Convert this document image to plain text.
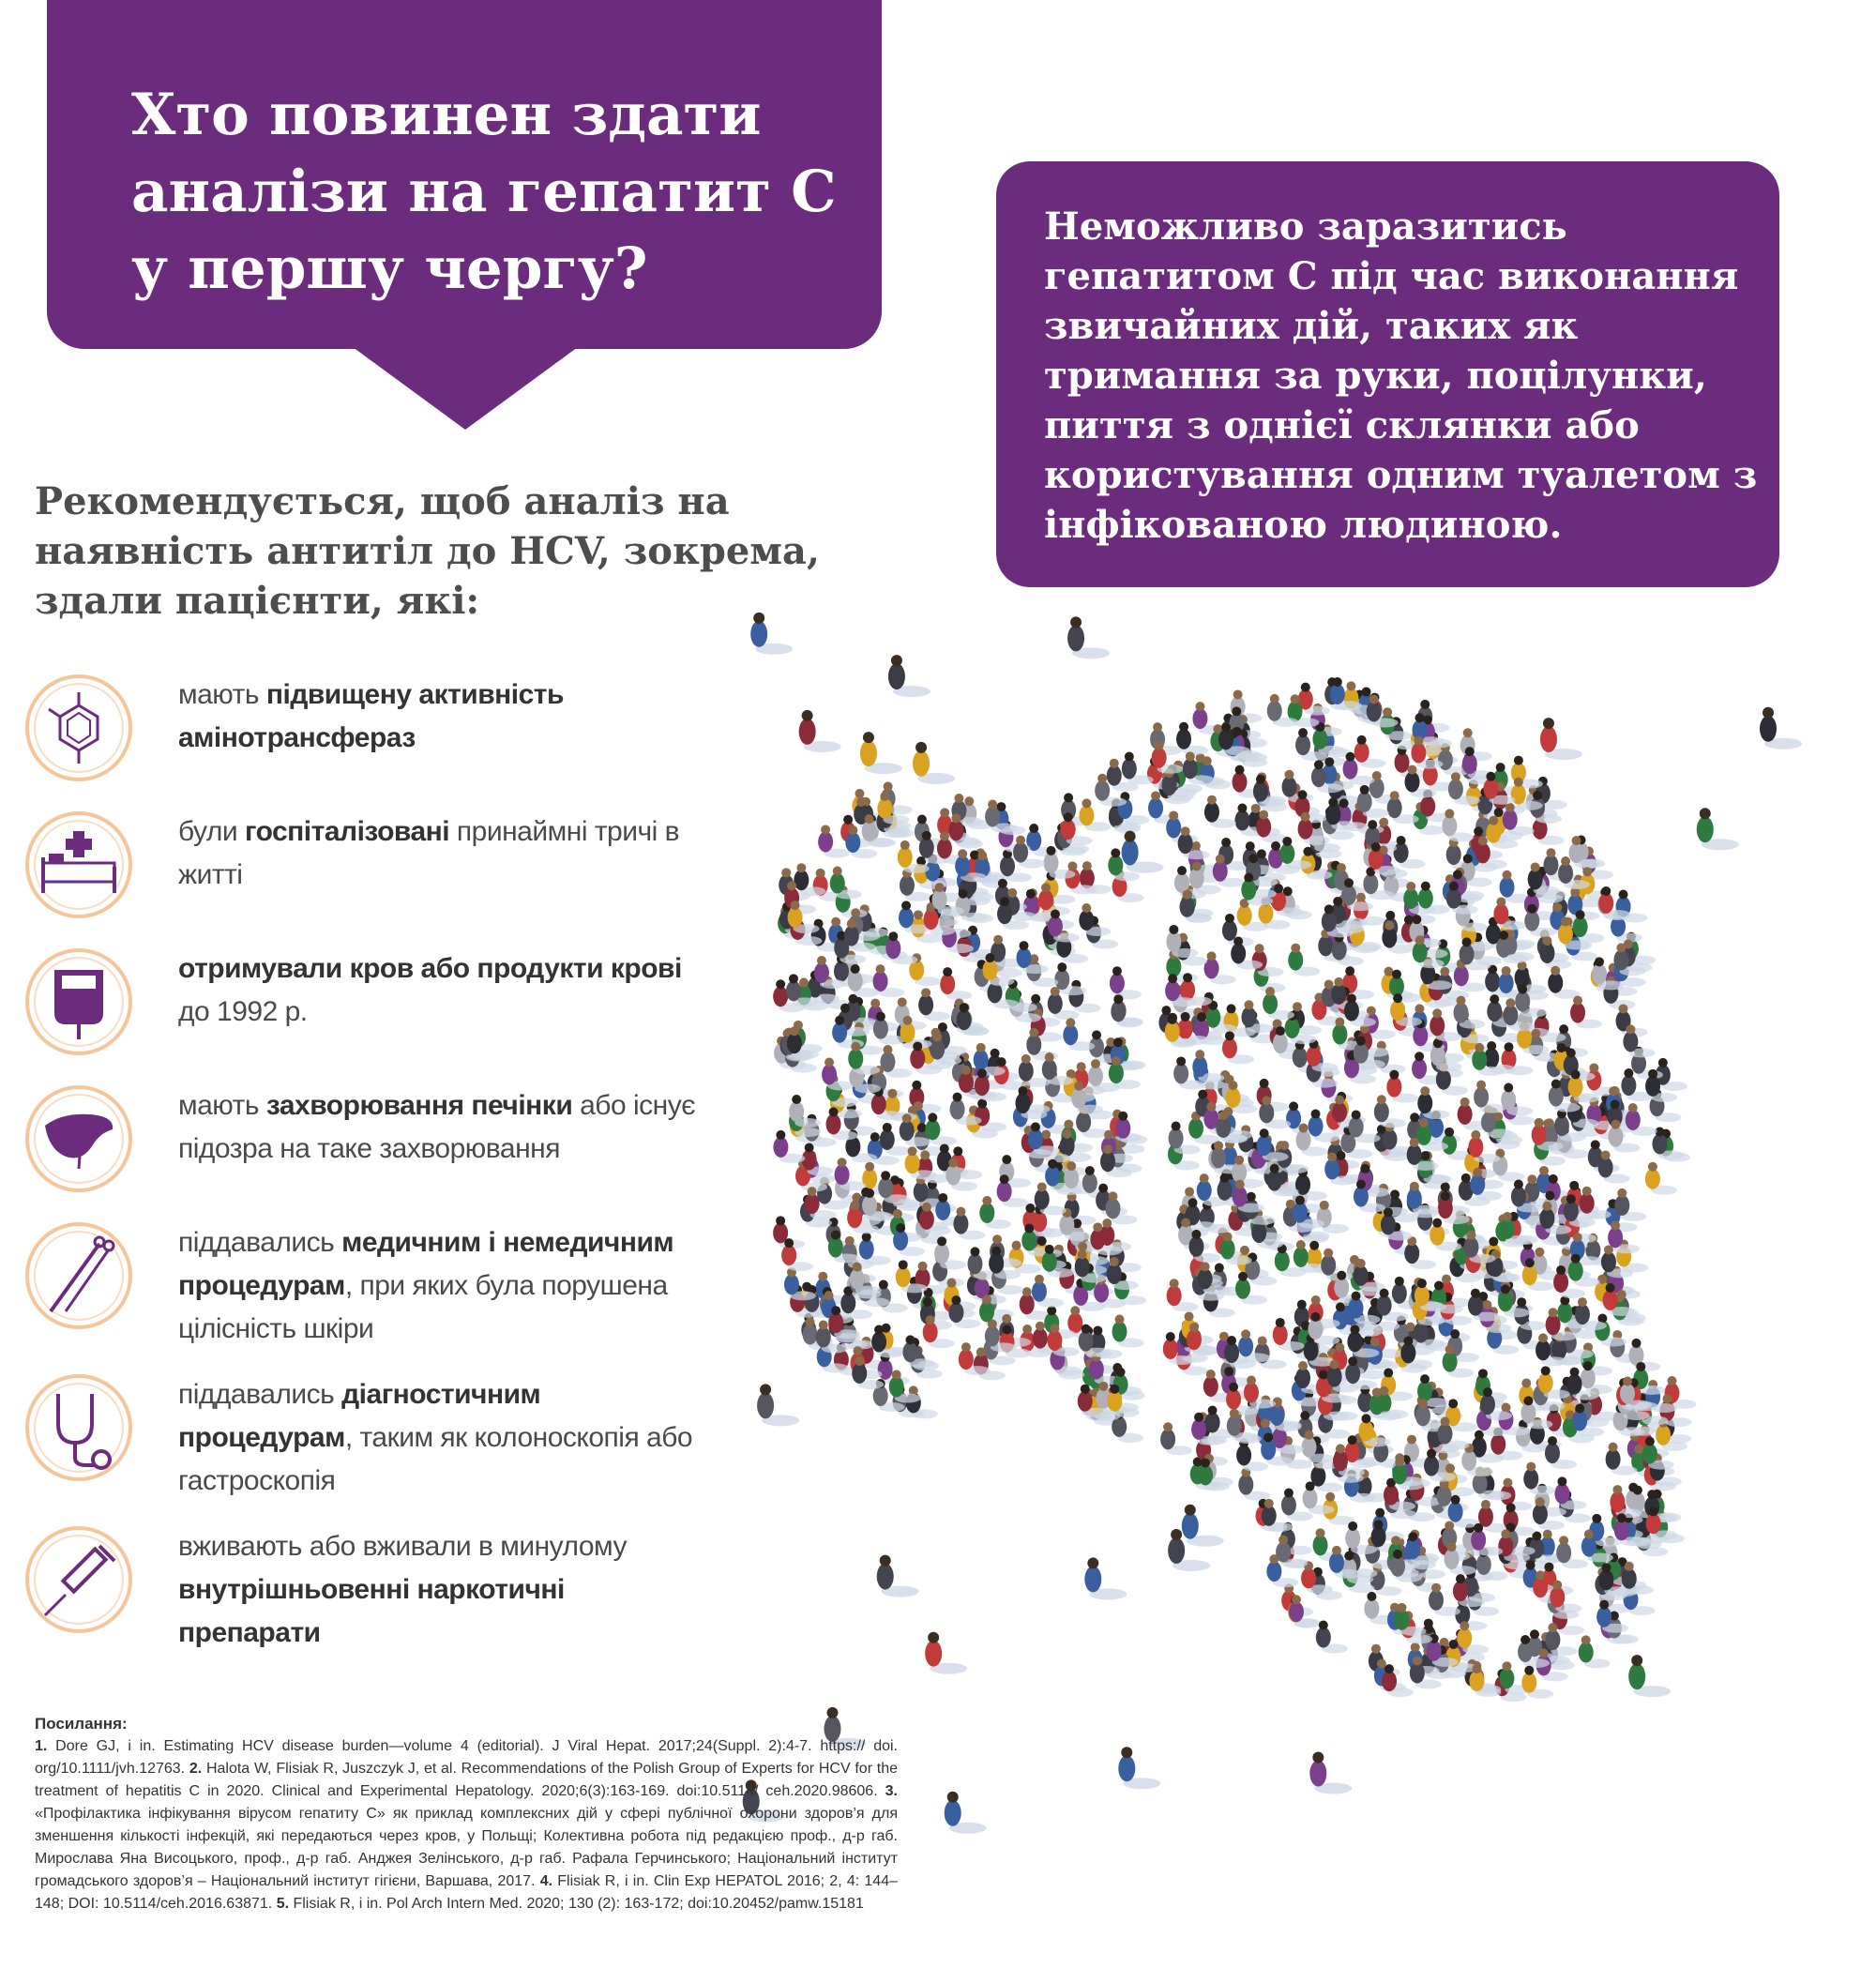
Хто повинен здати аналізи на гепатит С у першу чергу?
Неможливо заразитись гепатитом С під час виконання звичайних дій, таких як тримання за руки, поцілунки, пиття з однієї склянки або користування одним туалетом з інфікованою людиною.
Рекомендується, щоб аналіз на наявність антитіл до HCV, зокрема, здали пацієнти, які:
мають підвищену активність амінотрансфераз
були госпіталізовані принаймні тричі в житті
отримували кров або продукти крові до 1992 р.
мають захворювання печінки або існує підозра на таке захворювання
піддавались медичним і немедичним процедурам, при яких була порушена цілісність шкіри
піддавались діагностичним процедурам, таким як колоноскопія або гастроскопія
вживають або вживали в минулому внутрішньовенні наркотичні препарати
Посилання:
1. Dore GJ, і in. Estimating HCV disease burden—volume 4 (editorial). J Viral Hepat. 2017;24(Suppl. 2):4-7. https:// doi. org/10.1111/jvh.12763. 2. Halota W, Flisiak R, Juszczyk J, et al. Recommendations of the Polish Group of Experts for HCV for the treatment of hepatitis C in 2020. Clinical and Experimental Hepatology. 2020;6(3):163-169. doi:10.5114/ ceh.2020.98606. 3. «Профілактика інфікування вірусом гепатиту С» як приклад комплексних дій у сфері публічної охорони здоров’я для зменшення кількості інфекцій, які передаються через кров, у Польщі; Колективна робота під редакцією проф., д-р габ. Мирослава Яна Висоцького, проф., д-р габ. Анджея Зелінського, д-р габ. Рафала Герчинського; Національний інститут громадського здоров’я – Національний інститут гігієни, Варшава, 2017. 4. Flisiak R, і in. Clin Exp HEPATOL 2016; 2, 4: 144–148; DOI: 10.5114/ceh.2016.63871. 5. Flisiak R, і in. Pol Arch Intern Med. 2020; 130 (2): 163-172; doi:10.20452/pamw.15181
